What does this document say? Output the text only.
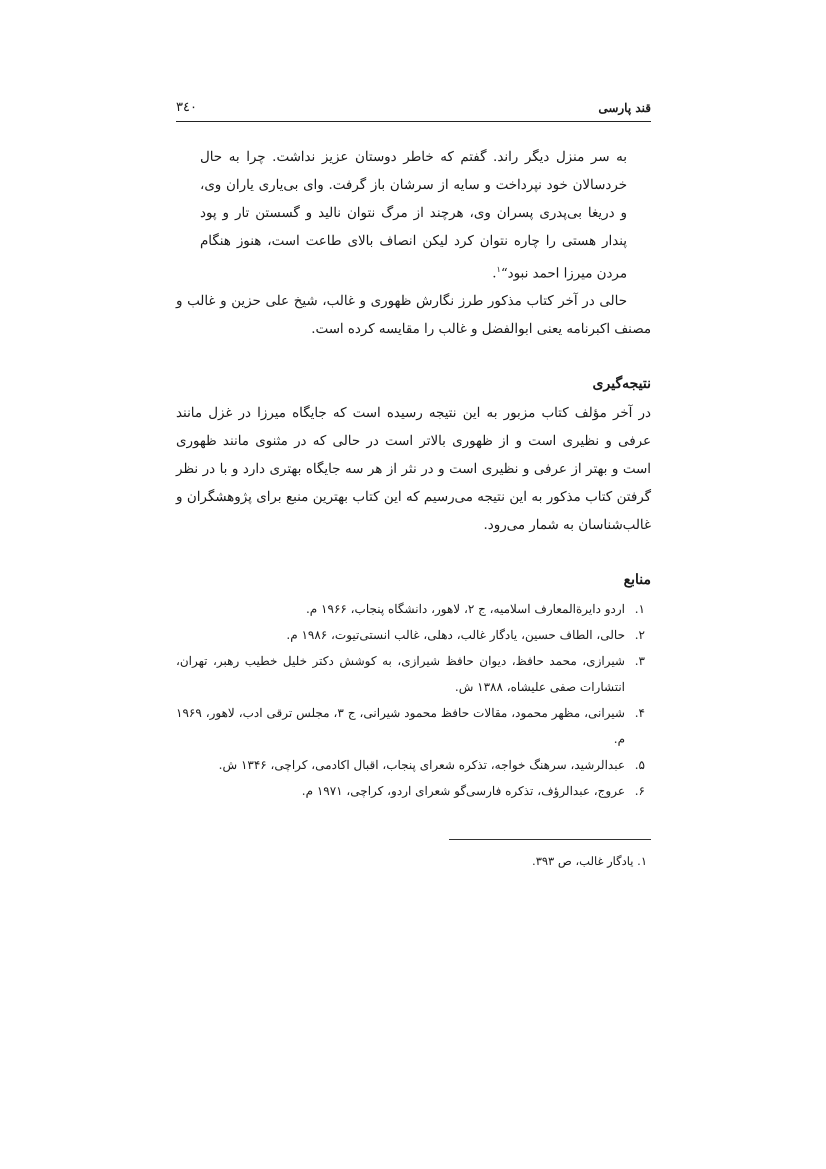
قند پارسی
۳٤۰
به سر منزل دیگر راند. گفتم که خاطر دوستان عزیز نداشت. چرا به حال خردسالان خود نپرداخت و سایه از سرشان باز گرفت. وای بی‌یاری یاران وی، و دریغا بی‌پدری پسران وی، هرچند از مرگ نتوان نالید و گسستن تار و پود پندار هستی را چاره نتوان کرد لیکن انصاف بالای طاعت است، هنوز هنگام مردن میرزا احمد نبود“$^۱$.

حالی در آخر کتاب مذکور طرز نگارش ظهوری و غالب، شیخ علی حزین و غالب و مصنف اکبرنامه یعنی ابوالفضل و غالب را مقایسه کرده است.

نتیجه‌گیری

در آخر مؤلف کتاب مزبور به این نتیجه رسیده است که جایگاه میرزا در غزل مانند عرفی و نظیری است و از ظهوری بالاتر است در حالی که در مثنوی مانند ظهوری است و بهتر از عرفی و نظیری است و در نثر از هر سه جایگاه بهتری دارد و با در نظر گرفتن کتاب مذکور به این نتیجه می‌رسیم که این کتاب بهترین منبع برای پژوهشگران و غالب‌شناسان به شمار می‌رود.

منابع
۱.
اردو دایرةالمعارف اسلامیه، ج ۲، لاهور، دانشگاه پنجاب، ۱۹۶۶ م.
۲.
حالی، الطاف حسین، یادگار غالب، دهلی، غالب انستی‌تیوت، ۱۹۸۶ م.
۳.
شیرازی، محمد حافظ، دیوان حافظ شیرازی، به کوشش دکتر خلیل خطیب رهبر، تهران، انتشارات صفی علیشاه، ۱۳۸۸ ش.
۴.
شیرانی، مظهر محمود، مقالات حافظ محمود شیرانی، ج ۳، مجلس ترقی ادب، لاهور، ۱۹۶۹ م.
۵.
عبدالرشید، سرهنگ خواجه، تذکره شعرای پنجاب، اقبال اکادمی، کراچی، ۱۳۴۶ ش.
۶.
عروج، عبدالرؤف، تذکره فارسی‌گو شعرای اردو، کراچی، ۱۹۷۱ م.
۱. یادگار غالب، ص ۳۹۳.
